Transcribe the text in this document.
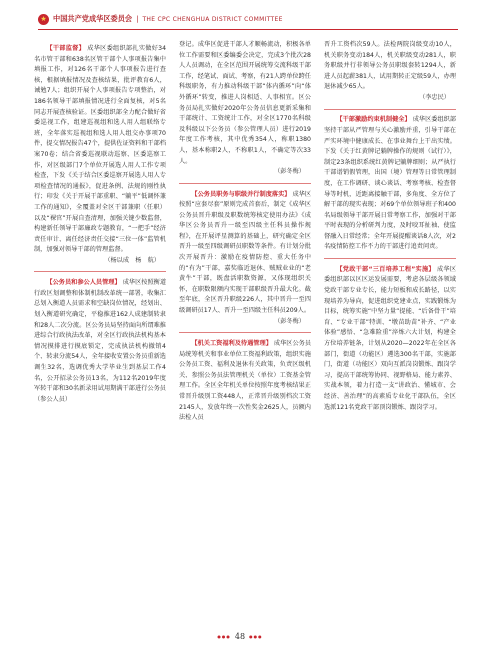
★
中国共产党成华区委员会 | THE CPC CHENGHUA DISTRICT COMMITTEE

【干部监督】 成华区委组织部扎实做好34名市管干部和638名区管干部个人事项报告集中填报工作，对126名干部个人事项报告进行查核，根据填报情况及查核结果，批评教育6人，诫勉7人；组织开展个人事项报告专项整治，对186名领导干部填报情况进行全面复核，对5名同志开展查核验证。区委组织部全力配合做好省委巡视工作，组建巡视组和选人用人组联络专班，全年落实巡视组和选人用人组交办事项70件，提交情况报告47个，提供佐证资料和干部档案70卷；结合省委巡视联动巡察、区委巡察工作，对区级部门7个单位开展选人用人工作专项检查，下发《关于结合区委巡察开展选人用人专项检查情况的通报》，促进条例、法规的刚性执行；印发《关于开展干部重职、“躺平”低调怀兼工作的通知》，全覆盖对全区干部兼职（任职）以及“裸官”开展自查清理，加强关键少数监督，构建新任领导干部廉政专题教育，“一把手”经济责任审计、离任经济责任交接“三位一体”监管机制，加强对领导干部的管理监督。

（杨以成　杨　航）

【公务员和参公人员管理】 成华区按照衡道行政区划调整和体制机制改革统一部署，收集汇总划入衡道人员需求和空缺岗位情况，经划出、划入衡道研究确定，平稳推进162人成建制转隶和28人二次分流。区公务员局坚持面向所谓难推进综合行政执法改革，对全区行政执法机构基本情况摸排进行摸底锁定，完成执法机构撤销4个、转隶分流54人，全年接收安置公务员重新选调生32名，选调优秀大学毕业生到基层工作4名，公开招录公务员13名，为112名2019年度军转干部和30名新录用试用期满干部进行公务员（参公人员）

登记。成华区促进干部人才顺畅流动，积极各单位工作需要和区委编委会决定，完成3个批次28人人员调动，在全区范围开展统筹交流科级干部工作，经笔试、面试、考察，有21人跨单位跨任科级职务，有力推动科级干部“体内循环”向“体外循环”转变，推进人岗相适、人事相宜。区公务员局扎实做好2020年公务员信息更新采集和干部统计、工资统计工作，对全区1770名科级及科级以下公务员（参公管理人员）进行2019年度工作考核，其中优秀354人，称职1380人，基本称职2人，不称职1人，不确定等次33人。

（彭冬梅）

【公务员职务与职级并行制度落实】 成华区按照“应套尽套”原则完成首套后，制定《成华区公务员晋升职级及职数统筹核定使用办法》《成华区公务员晋升一级至四级主任科员操作规程》，在开展评星测算的基础上，研究确定全区晋升一级至四级调研员职数等条件。有计划分批次开展晋升：激励在疫情防控、重大任务中的“有为”干部，嘉奖临近退休、贼贼业业的“老黄牛”干部，既盘活职数资源，又体现组织关怀，在职数限额内实现干部职级晋升最大化。截至年底，全区晋升职级226人，其中晋升一至四级调研员17人、晋升一至四级主任科员209人。

（彭冬梅）

【机关工资福利及待遇管理】 成华区公务员局统筹机关和事业单位工资福利政策，组织实施公务员工资、福利及退休有关政策，负责区级机关、参照公务员法管理机关（单位）工资基金管理工作。全区全年机关单位按照年度考核结果正常晋升级别工资448人，正常晋升级别档次工资2145人，发放年终一次性奖金2625人，员额内法检人员

晋升工资档次59人。法检两院岗级变动10人，机关职务变动184人，机关职级变动281人，职务职级并行非领导公务员职级套转1294人，新进人员起薪381人，试用期转正定级59人，办理退休减少65人。

（李忠民）

【干部激励约束机制健全】 成华区委组织部坚持干部从严管理与关心激励并重，引导干部在严实环境中健康成长、在事业舞台上干出实绩。下发《关于红黄牌记躺牌操作的规则（试行）》，制定23条组织系统红黄牌记躺牌细则；从严执行干部谱销假管理，出国（境）管理等日常管理制度，在工作调研、谈心谈话、考察考核、检查督导等时机，近距离接触干部，多角度、全方位了解干部的现实表现；对69个单位领导班子和400名局级领导干部开展日常考察工作，加强对干部平时表现的分析研判力度，及时咬耳扯袖、使监督融入日常经常；全年开展提醒谈话8人次，对2名疫情防控工作不力的干部进行追责问责。

【党政干部“三百培养工程”实施】 成华区委组织部以区区运发展需要，考虑各层级各领域党政干部专业专长，能力短板和成长路径，以实现培养为导向，促进组织党建业点，实践锻炼为目标，统筹实施“中坚力量”提能、“后备骨干”培育、“专业干部”特训、“墩苗助苗”补齐、“产业体验”感悟、“急难险重”淬炼六大计划，构建全方位培养链条，计划从2020—2022年在全区各部门，街道（功能区）遴选300名干部，实施部门，街道（功能区）双向互派岗岗锻炼、跟岗学习，提高干部统筹协同、视野格局、能力素养、实战本领，着力打造一支“讲政治、懂城市、会经济、善治理”的高素质专业化干部队伍，全区选派121名党政干部顶岗锻炼、跟岗学习。

●●● 48 ●●●
